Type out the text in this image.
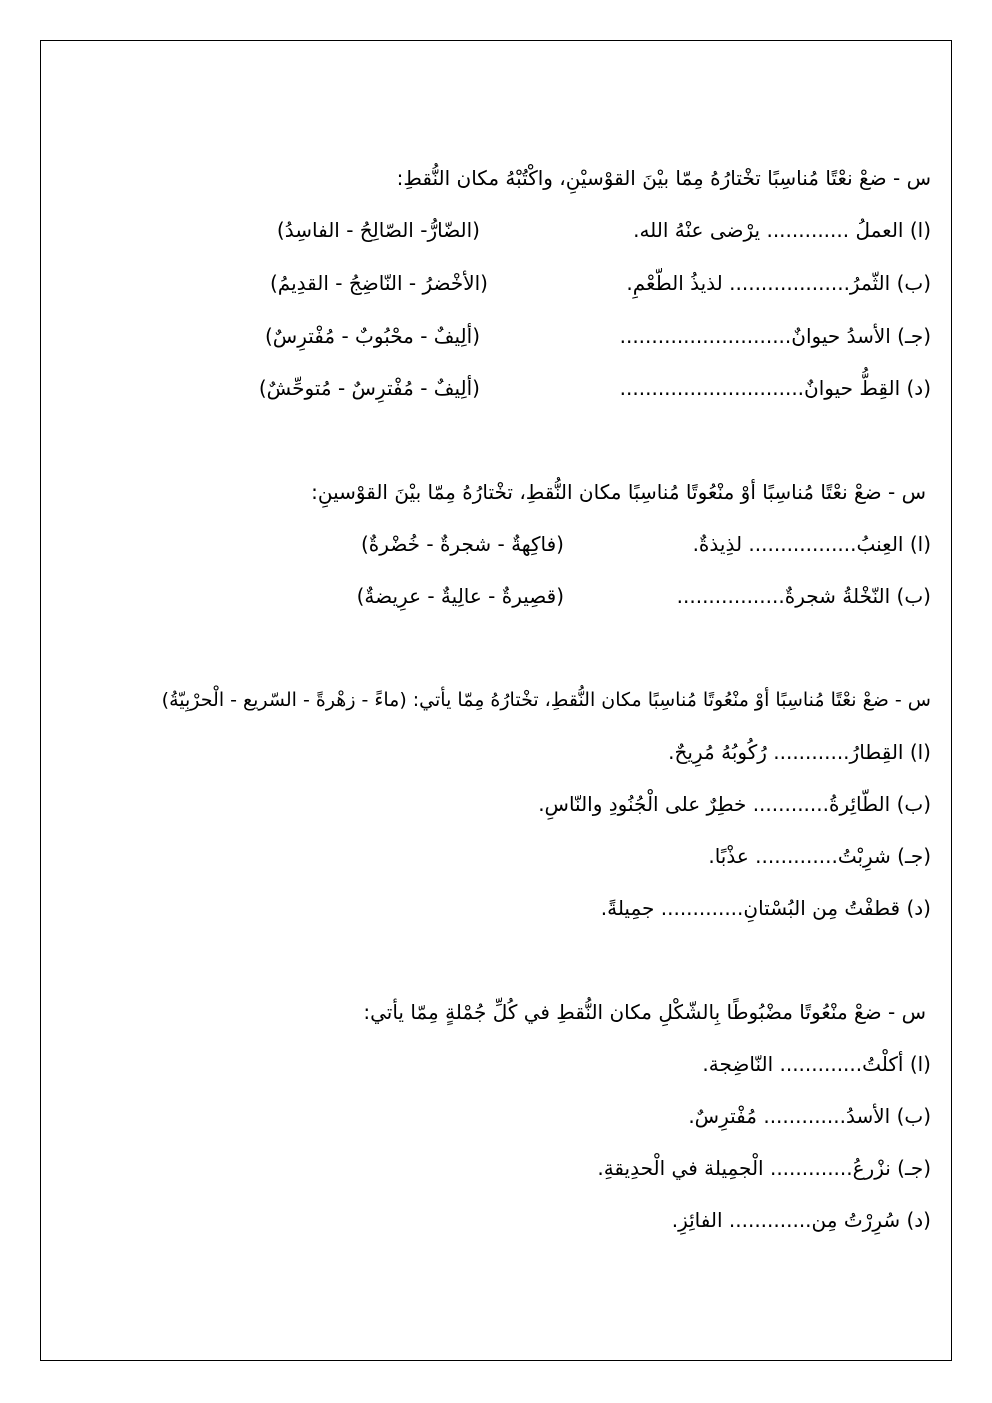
س - ضعْ نعْتًا مُناسِبًا تخْتارُهُ مِمّا بيْنَ القوْسيْنِ، واكْتُبْهُ مكان النُّقطِ:
(ا) العملُ ............. يرْضى عنْهُ الله.
(الضّارُّ- الصّالِحُ - الفاسِدُ)
(ب) الثّمرُ................... لذيذُ الطّعْمِ.
(الأخْضرُ - النّاضِجُ - القدِيمُ)
(جـ) الأسدُ حيوانٌ...........................
(ألِيفٌ - محْبُوبٌ - مُفْترِسٌ)
(د) القِطُّ حيوانٌ.............................
(ألِيفٌ - مُفْترِسٌ - مُتوحِّشٌ)
س - ضعْ نعْتًا مُناسِبًا أوْ منْعُوتًا مُناسِبًا مكان النُّقطِ، تخْتارُهُ مِمّا بيْنَ القوْسينِ:
(ا) العِنبُ................. لذِيذةٌ.
(فاكِهةٌ - شجرةٌ - خُضْرةٌ)
(ب) النّخْلةُ شجرةٌ.................
(قصِيرةٌ - عالِيةٌ - عرِيضةٌ)
س - ضعْ نعْتًا مُناسِبًا أوْ منْعُوتًا مُناسِبًا مكان النُّقطِ، تخْتارُهُ مِمّا يأتي: (ماءً - زهْرةً - السّريع - الْحرْبِيّةُ)
(ا) القِطارُ............ رُكُوبُهُ مُرِيحٌ.
(ب) الطّائِرةُ............ خطِرٌ على الْجُنُودِ والنّاسِ.
(جـ) شرِبْتُ............. عذْبًا.
(د) قطفْتُ مِن البُسْتانِ............. جمِيلةً.
س - ضعْ منْعُوتًا مضْبُوطًا بِالشّكْلِ مكان النُّقطِ في كُلِّ جُمْلةٍ مِمّا يأتي:
(ا) أكلْتُ............. النّاضِجة.
(ب) الأسدُ............. مُفْترِسٌ.
(جـ) نزْرعُ............. الْجمِيلة في الْحدِيقةِ.
(د) سُرِرْتُ مِن............. الفائِزِ.
